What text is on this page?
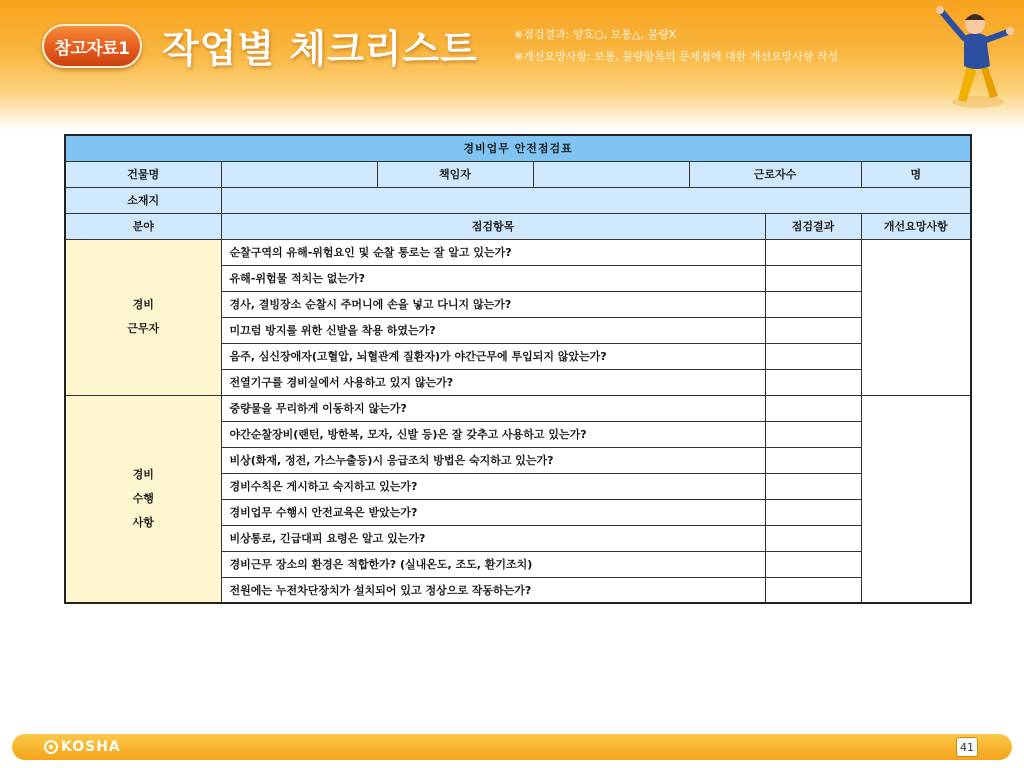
참고자료1 작업별 체크리스트	※점검결과: 양호○, 보통△, 불량X
※개선요망사항: 보통, 불량항목의 문제점에 대한 개선요망사항 작성
경비업무 안전점검표						
건물명		책임자		근로자수		명
소재지						
분야	점검항목				점검결과	개선요망사항

경비
근무자	순찰구역의 유해-위험요인 및 순찰 통로는 잘 알고 있는가?					
	유해-위험물 적치는 없는가?					
	경사, 결빙장소 순찰시 주머니에 손을 넣고 다니지 않는가?					
	미끄럼 방지를 위한 신발을 착용 하였는가?					
	음주, 심신장애자(고혈압, 뇌혈관계 질환자)가 야간근무에 투입되지 않았는가?					
	전열기구를 경비실에서 사용하고 있지 않는가?					

경비
수행
사항	중량물을 무리하게 이동하지 않는가?					
	야간순찰장비(랜턴, 방한복, 모자, 신발 등)은 잘 갖추고 사용하고 있는가?					
	비상(화재, 정전, 가스누출등)시 응급조치 방법은 숙지하고 있는가?					
	경비수칙은 게시하고 숙지하고 있는가?					
	경비업무 수행시 안전교육은 받았는가?					
	비상통로, 긴급대피 요령은 알고 있는가?					
	경비근무 장소의 환경은 적합한가? (실내온도, 조도, 환기조치)					
	전원에는 누전차단장치가 설치되어 있고 정상으로 작동하는가?					
KOSHA	41
